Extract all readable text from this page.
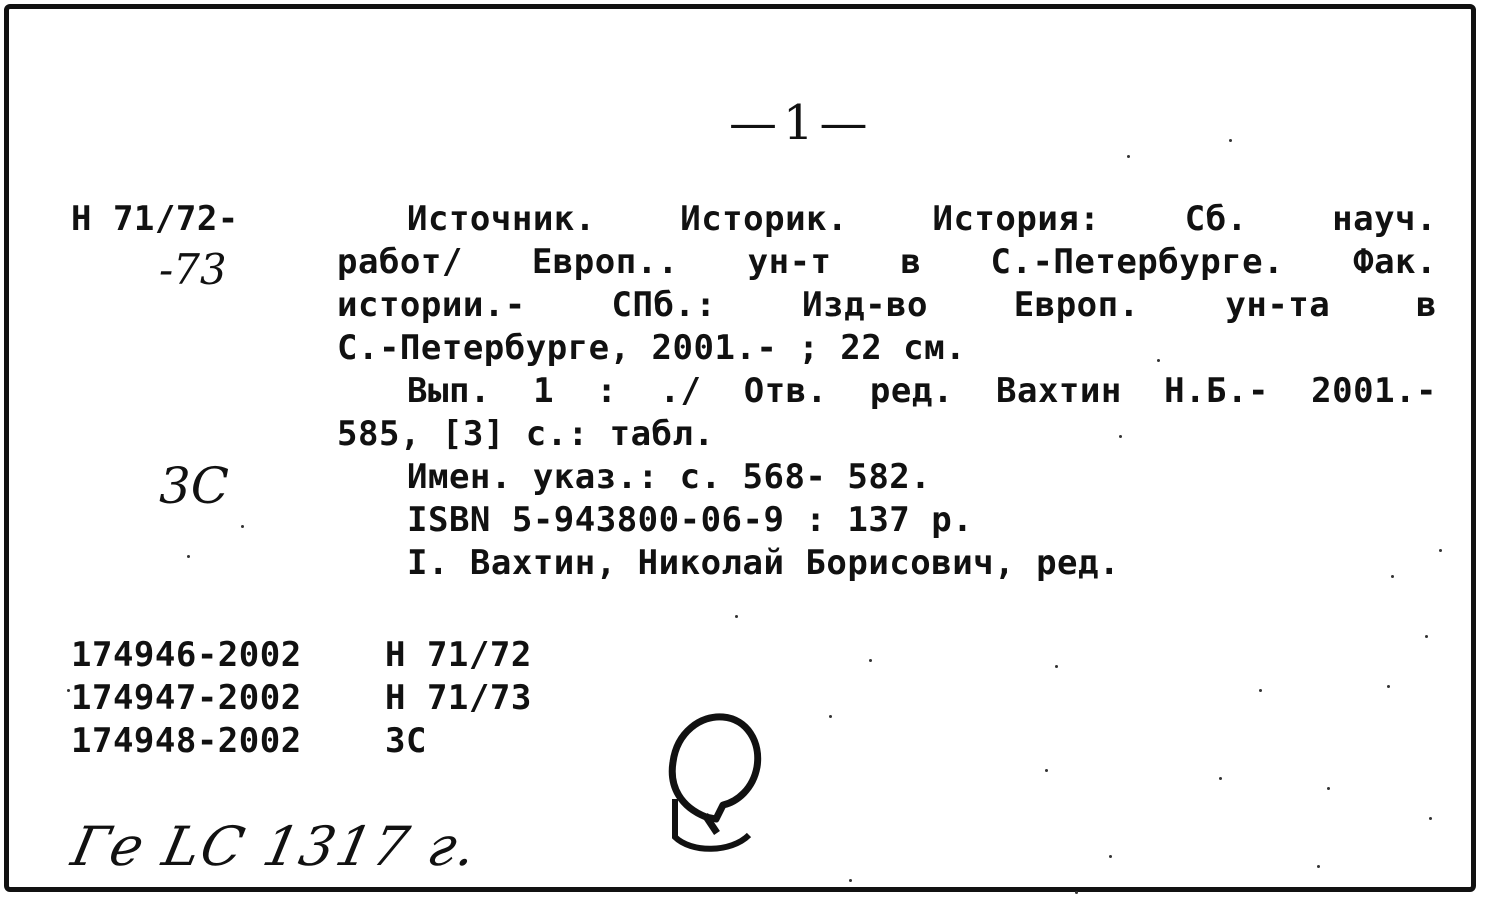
—1—
Н 71/72-
-73
3С
Источник. Историк. История: Сб. науч.
работ/ Европ.. ун-т в С.-Петербурге. Фак.
истории.- СПб.: Изд-во Европ. ун-та в
С.-Петербурге, 2001.- ; 22 см.
Вып. 1 : ./ Отв. ред. Вахтин Н.Б.- 2001.-
585, [3] с.: табл.
Имен. указ.: с. 568- 582.
ISBN 5-943800-06-9 : 137 р.
I. Вахтин, Николай Борисович, ред.
174946-2002 Н 71/72
174947-2002 Н 71/73
174948-2002 3С
Гe LC 1317 г.
